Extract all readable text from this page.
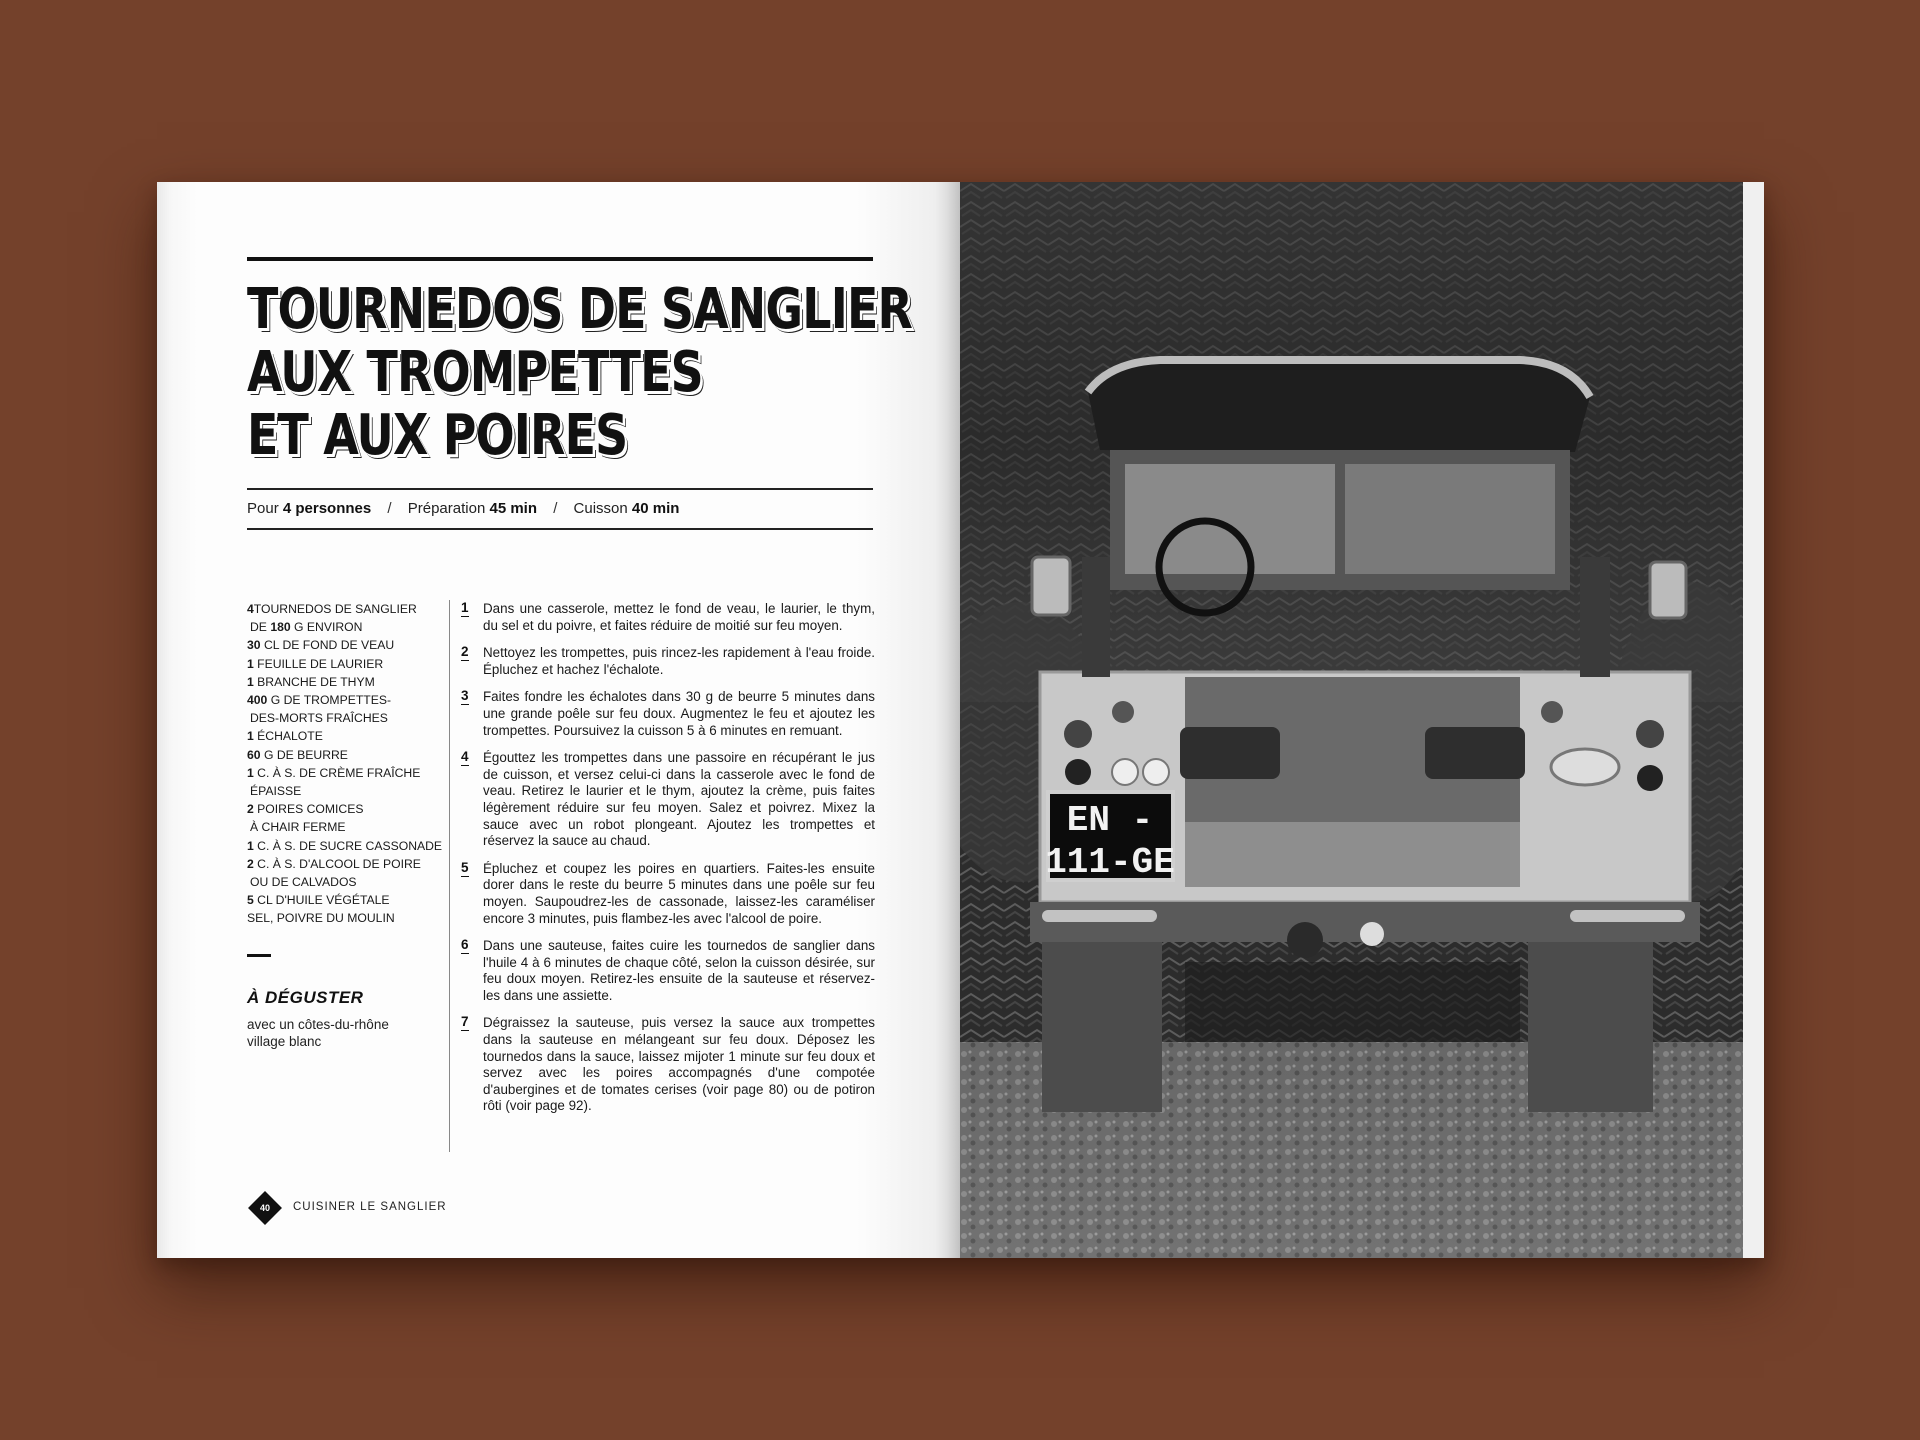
TOURNEDOS DE SANGLIER
AUX TROMPETTES
ET AUX POIRES
Pour 4 personnes / Préparation 45 min / Cuisson 40 min
4TOURNEDOS DE SANGLIER
DE 180 G ENVIRON
30 CL DE FOND DE VEAU
1 FEUILLE DE LAURIER
1 BRANCHE DE THYM
400 G DE TROMPETTES-
DES-MORTS FRAÎCHES
1 ÉCHALOTE
60 G DE BEURRE
1 C. À S. DE CRÈME FRAÎCHE
ÉPAISSE
2 POIRES COMICES
À CHAIR FERME
1 C. À S. DE SUCRE CASSONADE
2 C. À S. D'ALCOOL DE POIRE
OU DE CALVADOS
5 CL D'HUILE VÉGÉTALE
SEL, POIVRE DU MOULIN
À DÉGUSTER
avec un côtes-du-rhône village blanc
1 Dans une casserole, mettez le fond de veau, le laurier, le thym, du sel et du poivre, et faites réduire de moitié sur feu moyen.
2 Nettoyez les trompettes, puis rincez-les rapidement à l'eau froide. Épluchez et hachez l'échalote.
3 Faites fondre les échalotes dans 30 g de beurre 5 minutes dans une grande poêle sur feu doux. Augmentez le feu et ajoutez les trompettes. Poursuivez la cuisson 5 à 6 minutes en remuant.
4 Égouttez les trompettes dans une passoire en récupérant le jus de cuisson, et versez celui-ci dans la casserole avec le fond de veau. Retirez le laurier et le thym, ajoutez la crème, puis faites légèrement réduire sur feu moyen. Salez et poivrez. Mixez la sauce avec un robot plongeant. Ajoutez les trompettes et réservez la sauce au chaud.
5 Épluchez et coupez les poires en quartiers. Faites-les ensuite dorer dans le reste du beurre 5 minutes dans une poêle sur feu moyen. Saupoudrez-les de cassonade, laissez-les caraméliser encore 3 minutes, puis flambez-les avec l'alcool de poire.
6 Dans une sauteuse, faites cuire les tournedos de sanglier dans l'huile 4 à 6 minutes de chaque côté, selon la cuisson désirée, sur feu doux moyen. Retirez-les ensuite de la sauteuse et réservez-les dans une assiette.
7 Dégraissez la sauteuse, puis versez la sauce aux trompettes dans la sauteuse en mélangeant sur feu doux. Déposez les tournedos dans la sauce, laissez mijoter 1 minute sur feu doux et servez avec les poires accompagnés d'une compotée d'aubergines et de tomates cerises (voir page 80) ou de potiron rôti (voir page 92).
40	CUISINER LE SANGLIER
EN -
111-GE
